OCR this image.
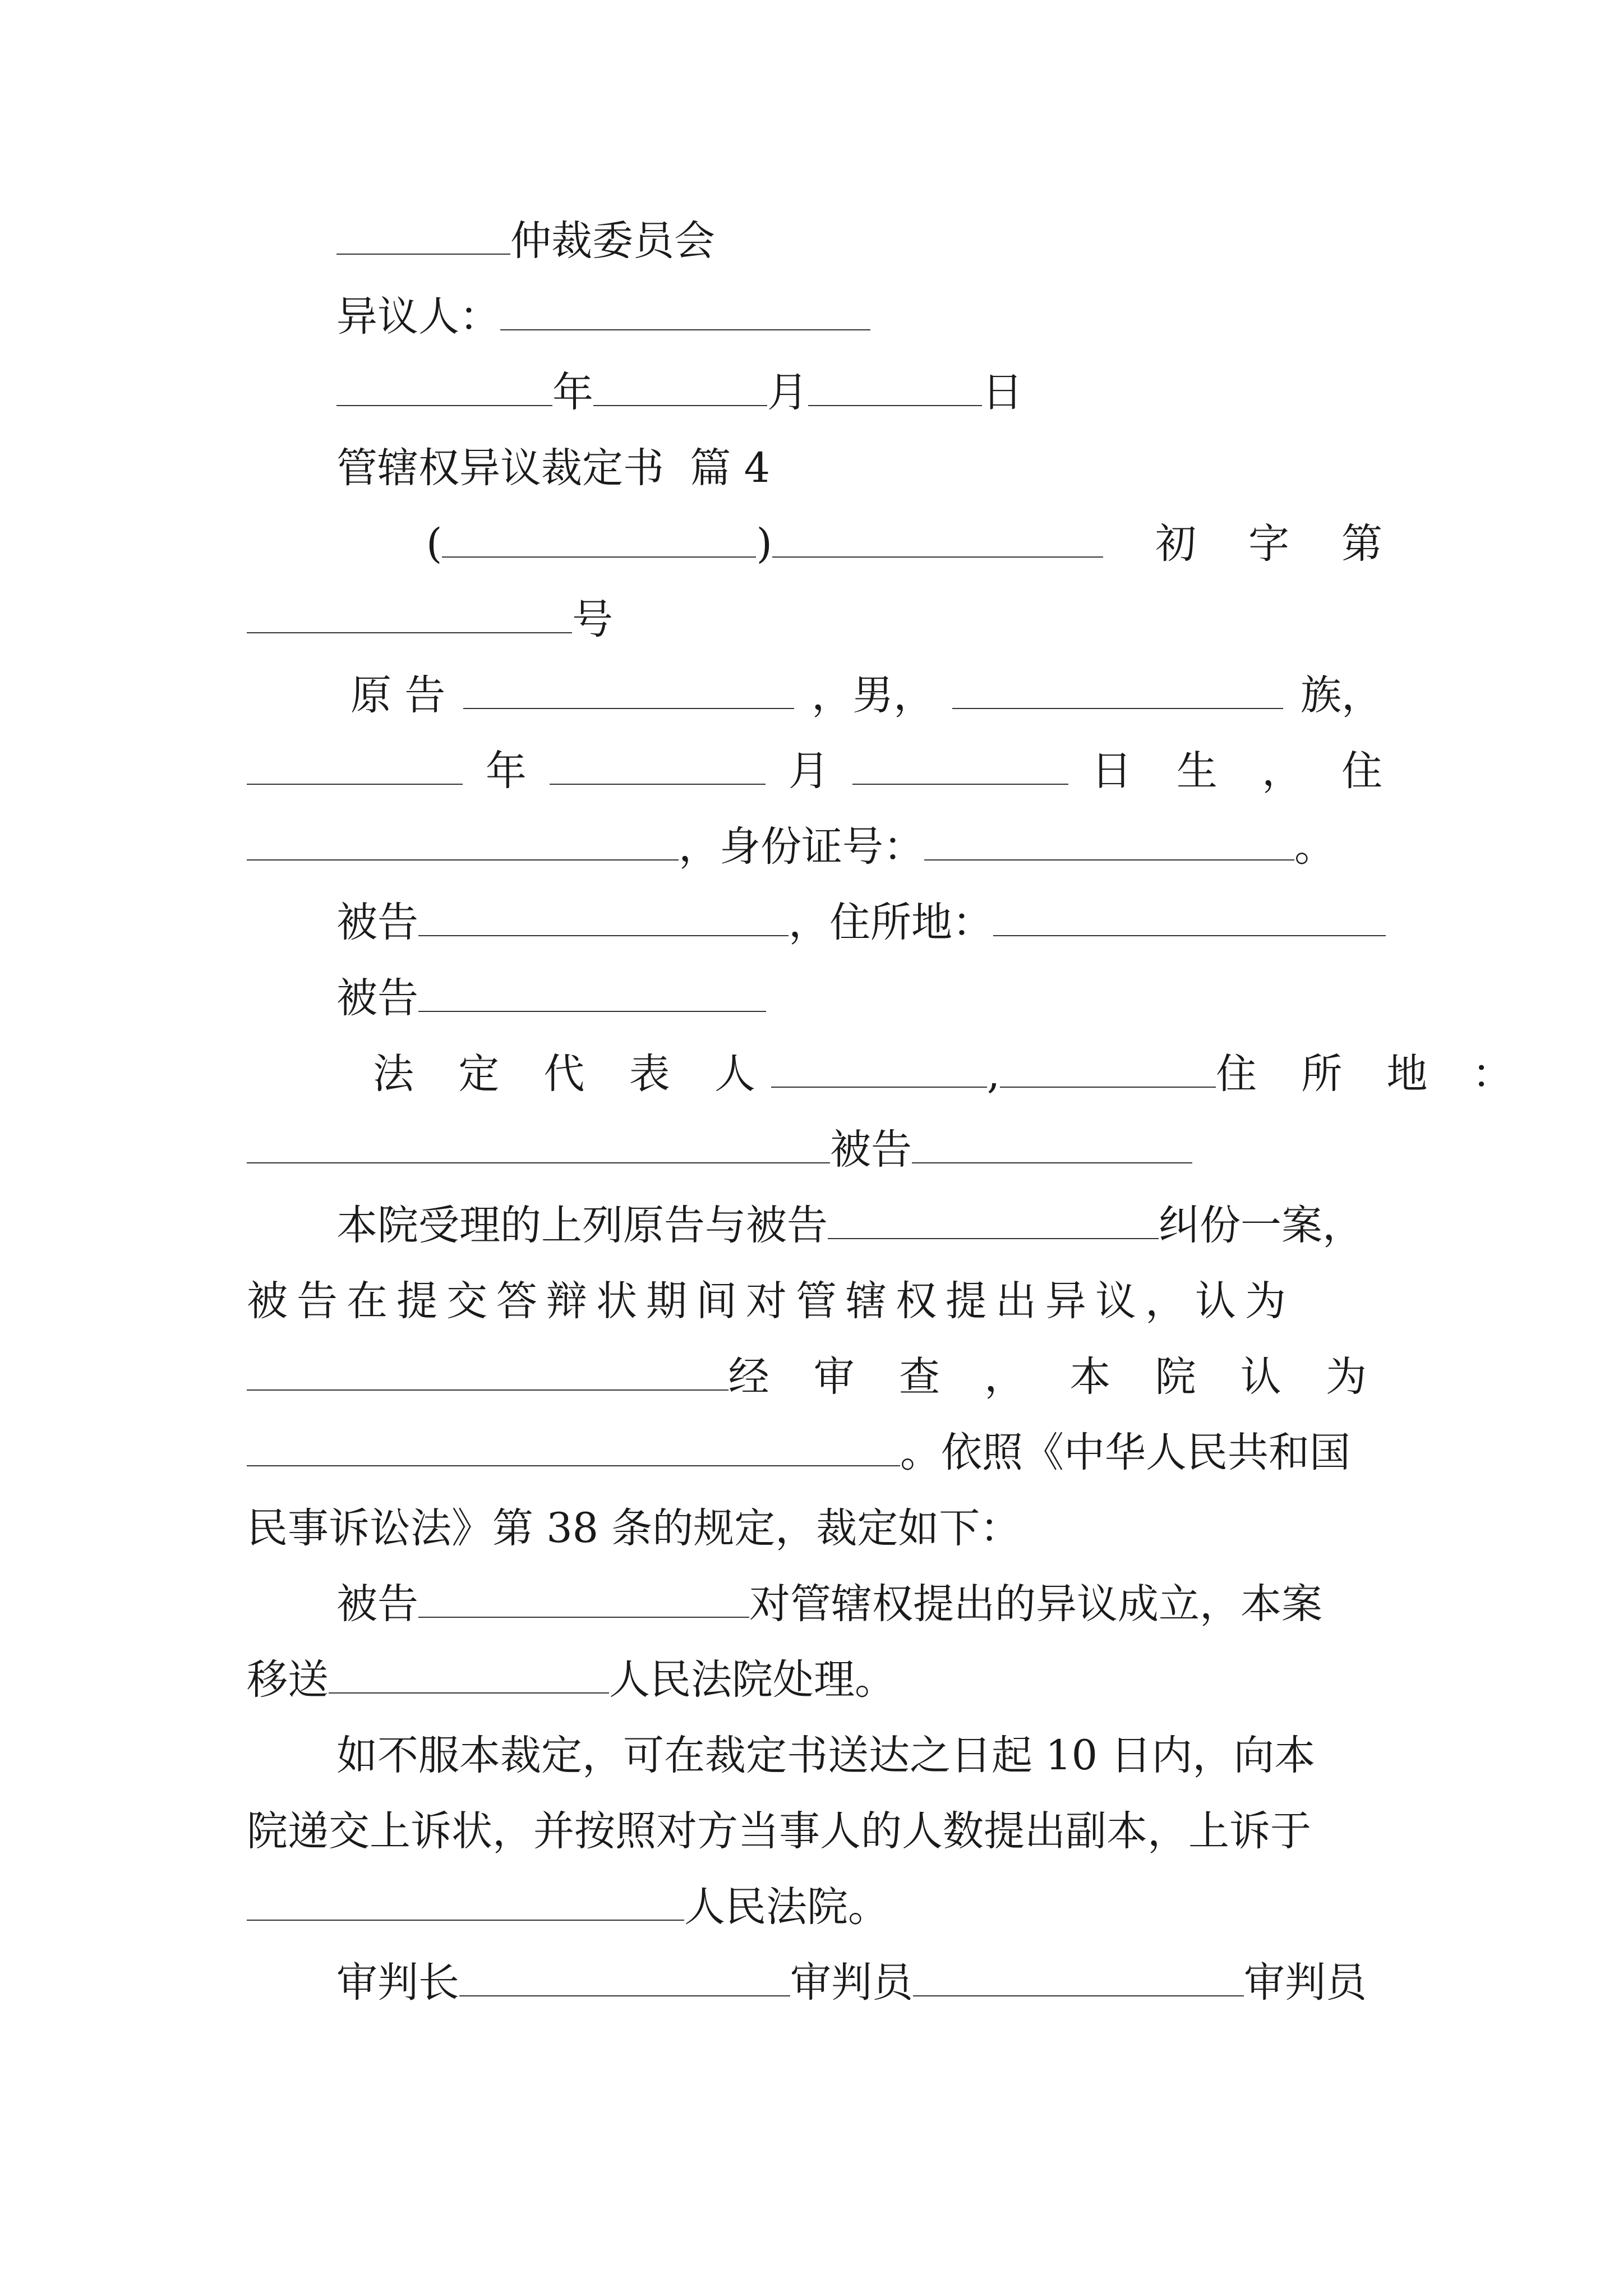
仲裁委员会
异议人：
年	月	日
管辖权异议裁定书  篇 4
(	)	初 字 第
号
原 告	，男，	族，
年	月	日 生 ， 住
，身份证号：	。
被告	，住所地：
被告
法 定 代 表 人	,	住 所 地 ：
被告
本院受理的上列原告与被告	纠份一案，
被告在提交答辩状期间对管辖权提出异议，认为
经 审 查 ， 本 院 认 为
。依照《中华人民共和国
民事诉讼法》第 38 条的规定，裁定如下：
被告	对管辖权提出的异议成立，本案
移送	人民法院处理。
如不服本裁定，可在裁定书送达之日起 10 日内，向本
院递交上诉状，并按照对方当事人的人数提出副本，上诉于
人民法院。
审判长	审判员	审判员
